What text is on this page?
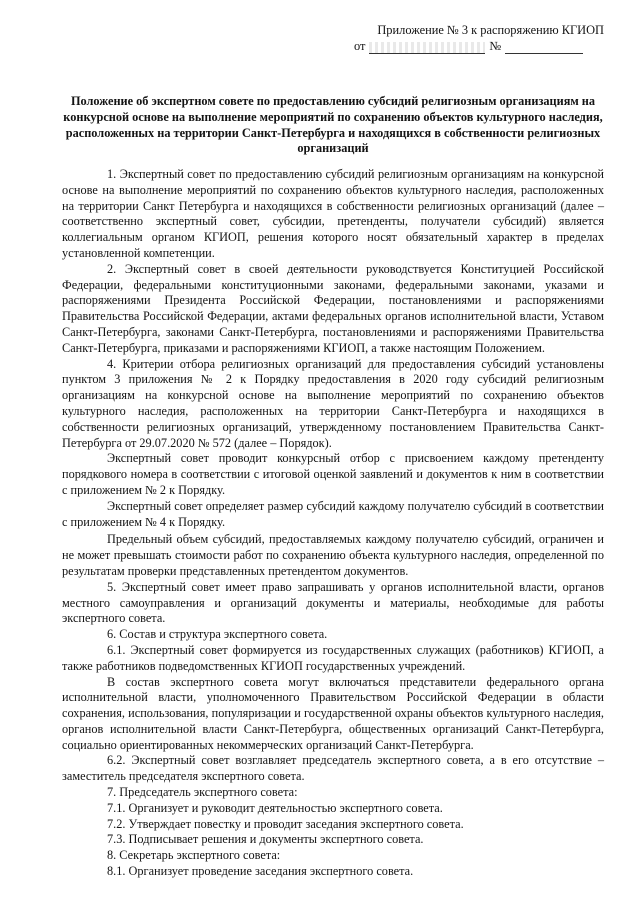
Приложение № 3 к распоряжению КГИОП
от	№
Положение об экспертном совете по предоставлению субсидий религиозным организациям на конкурсной основе на выполнение мероприятий по сохранению объектов культурного наследия, расположенных на территории Санкт-Петербурга и находящихся в собственности религиозных организаций

1. Экспертный совет по предоставлению субсидий религиозным организациям на конкурсной основе на выполнение мероприятий по сохранению объектов культурного наследия, расположенных на территории Санкт Петербурга и находящихся в собственности религиозных организаций (далее – соответственно экспертный совет, субсидии, претенденты, получатели субсидий) является коллегиальным органом КГИОП, решения которого носят обязательный характер в пределах установленной компетенции.

2. Экспертный совет в своей деятельности руководствуется Конституцией Российской Федерации, федеральными конституционными законами, федеральными законами, указами и распоряжениями Президента Российской Федерации, постановлениями и распоряжениями Правительства Российской Федерации, актами федеральных органов исполнительной власти, Уставом Санкт-Петербурга, законами Санкт-Петербурга, постановлениями и распоряжениями Правительства Санкт-Петербурга, приказами и распоряжениями КГИОП, а также настоящим Положением.

4. Критерии отбора религиозных организаций для предоставления субсидий установлены пунктом 3 приложения № 2 к Порядку предоставления в 2020 году субсидий религиозным организациям на конкурсной основе на выполнение мероприятий по сохранению объектов культурного наследия, расположенных на территории Санкт-Петербурга и находящихся в собственности религиозных организаций, утвержденному постановлением Правительства Санкт-Петербурга от 29.07.2020 № 572 (далее – Порядок).

Экспертный совет проводит конкурсный отбор с присвоением каждому претенденту порядкового номера в соответствии с итоговой оценкой заявлений и документов к ним в соответствии с приложением № 2 к Порядку.

Экспертный совет определяет размер субсидий каждому получателю субсидий в соответствии с приложением № 4 к Порядку.

Предельный объем субсидий, предоставляемых каждому получателю субсидий, ограничен и не может превышать стоимости работ по сохранению объекта культурного наследия, определенной по результатам проверки представленных претендентом документов.

5. Экспертный совет имеет право запрашивать у органов исполнительной власти, органов местного самоуправления и организаций документы и материалы, необходимые для работы экспертного совета.

6. Состав и структура экспертного совета.

6.1. Экспертный совет формируется из государственных служащих (работников) КГИОП, а также работников подведомственных КГИОП государственных учреждений.

В состав экспертного совета могут включаться представители федерального органа исполнительной власти, уполномоченного Правительством Российской Федерации в области сохранения, использования, популяризации и государственной охраны объектов культурного наследия, органов исполнительной власти Санкт-Петербурга, общественных организаций Санкт-Петербурга, социально ориентированных некоммерческих организаций Санкт-Петербурга.

6.2. Экспертный совет возглавляет председатель экспертного совета, а в его отсутствие – заместитель председателя экспертного совета.

7. Председатель экспертного совета:

7.1. Организует и руководит деятельностью экспертного совета.

7.2. Утверждает повестку и проводит заседания экспертного совета.

7.3. Подписывает решения и документы экспертного совета.

8. Секретарь экспертного совета:

8.1. Организует проведение заседания экспертного совета.
